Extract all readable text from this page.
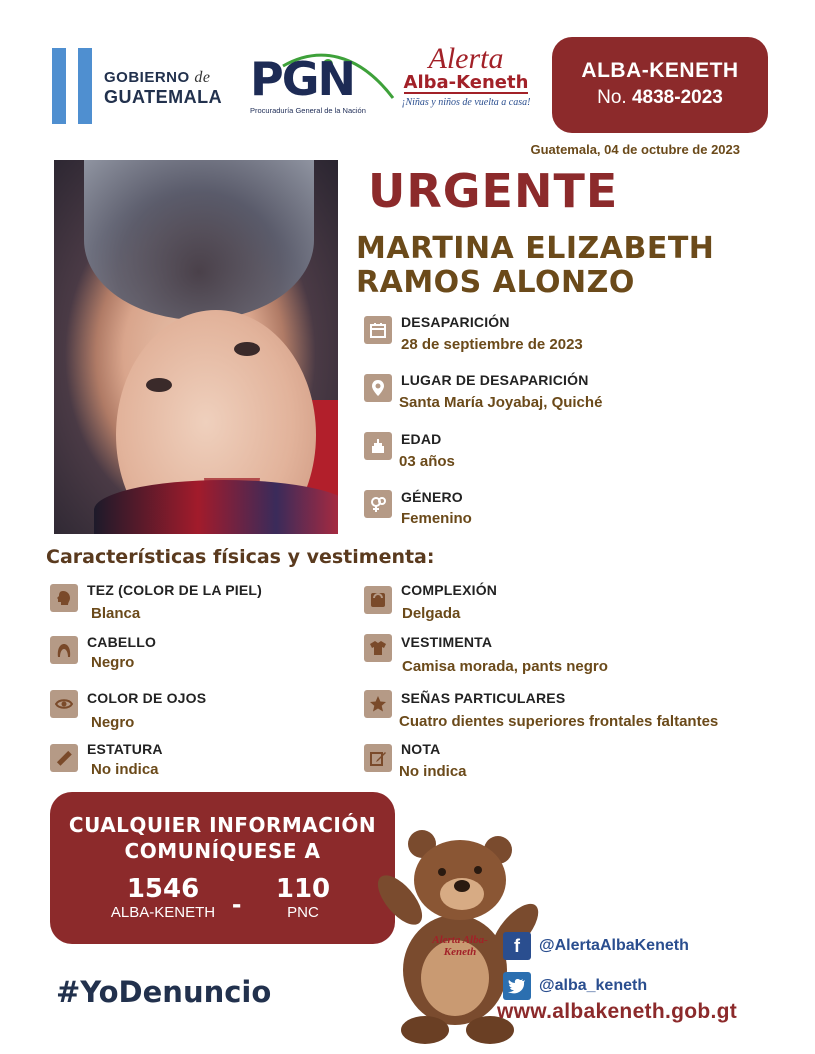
GOBIERNO de
GUATEMALA PGN
Procuraduría General de la Nación
Alerta
Alba-Keneth
¡Niñas y niños de vuelta a casa!
ALBA-KENETH
No. 4838-2023
Guatemala, 04 de octubre de 2023
URGENTE
MARTINA ELIZABETH
RAMOS ALONZO
DESAPARICIÓN
28 de septiembre de 2023
LUGAR DE DESAPARICIÓN
Santa María Joyabaj, Quiché
EDAD
03 años
GÉNERO
Femenino
Características físicas y vestimenta:
TEZ (COLOR DE LA PIEL)
Blanca
CABELLO
Negro
COLOR DE OJOS
Negro
ESTATURA
No indica
COMPLEXIÓN
Delgada
VESTIMENTA
Camisa morada, pants negro
SEÑAS PARTICULARES
Cuatro dientes superiores frontales faltantes
NOTA
No indica
CUALQUIER INFORMACIÓN
COMUNÍQUESE A
1546
ALBA-KENETH -	110
PNC
#YoDenuncio
Alerta Alba-Keneth	f	@AlertaAlbaKeneth
@alba_keneth
www.albakeneth.gob.gt
